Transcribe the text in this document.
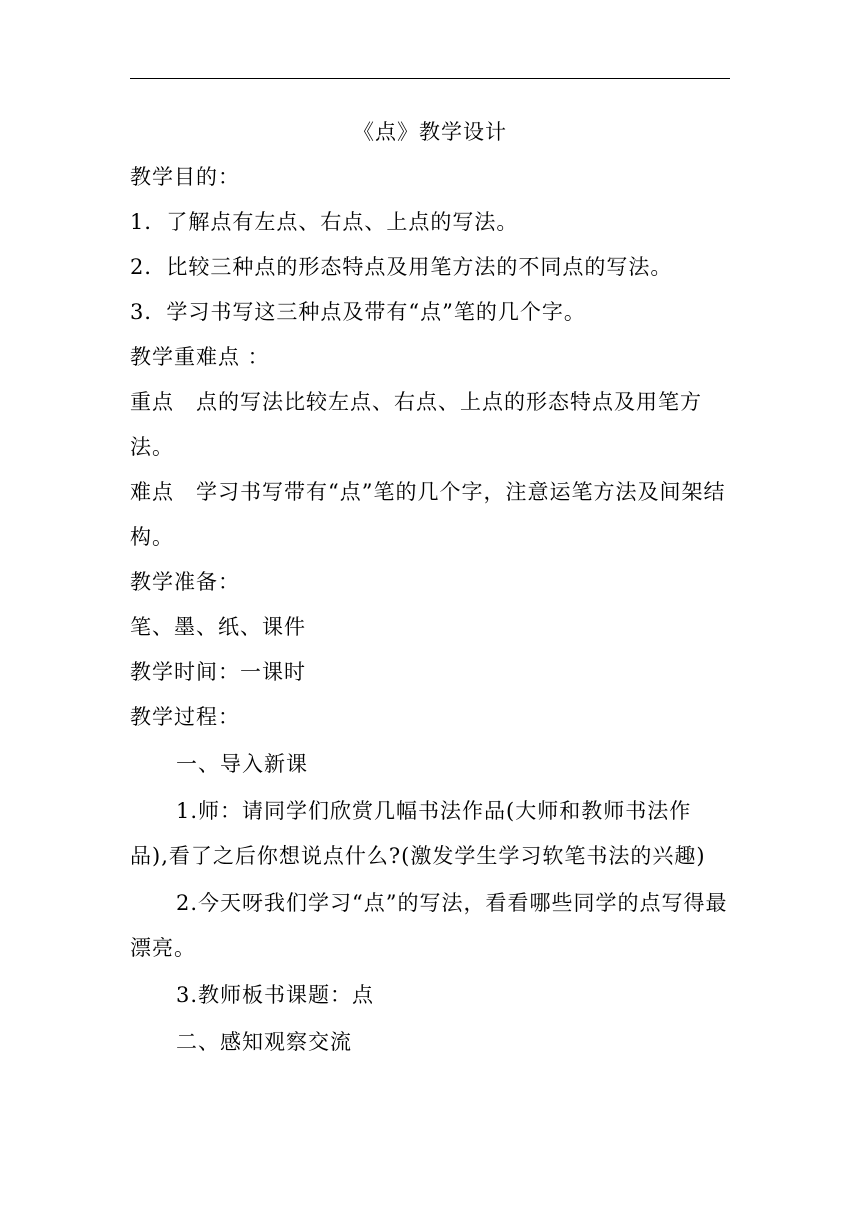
《点》教学设计
教学目的：
1．了解点有左点、右点、上点的写法。
2．比较三种点的形态特点及用笔方法的不同点的写法。
3．学习书写这三种点及带有“点”笔的几个字。
教学重难点 ：
重点　点的写法比较左点、右点、上点的形态特点及用笔方法。
难点　学习书写带有“点”笔的几个字，注意运笔方法及间架结构。
教学准备：
笔、墨、纸、课件
教学时间：一课时
教学过程：
一、导入新课
1.师：请同学们欣赏几幅书法作品(大师和教师书法作品),看了之后你想说点什么?(激发学生学习软笔书法的兴趣)
2.今天呀我们学习“点”的写法，看看哪些同学的点写得最漂亮。
3.教师板书课题：点
二、感知观察交流
